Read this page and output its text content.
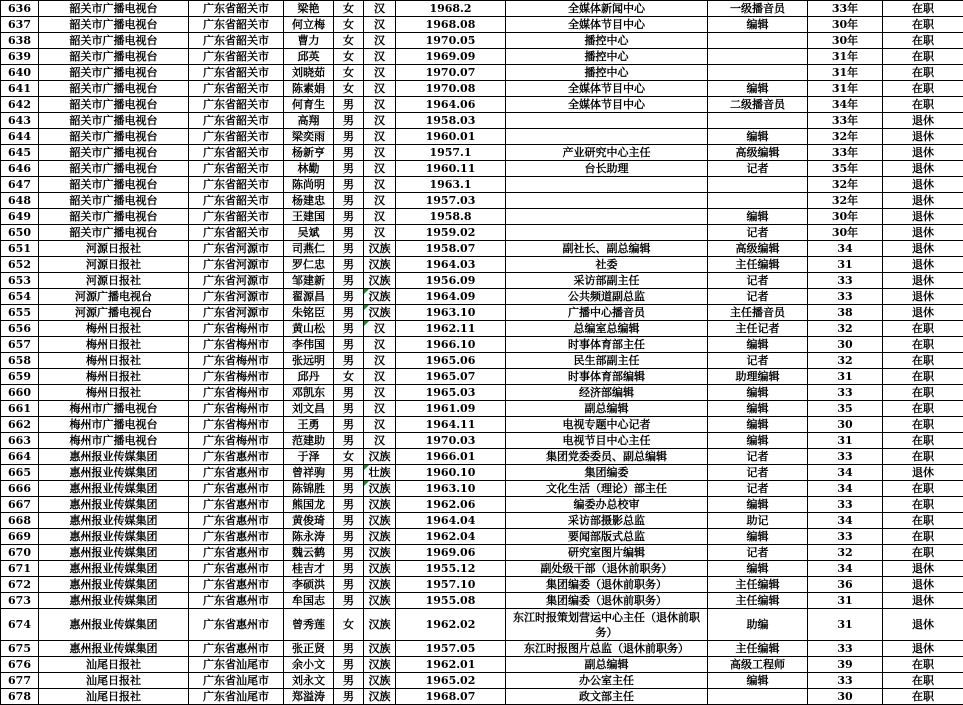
636	韶关市广播电视台	广东省韶关市	梁艳	女	汉	1968.2	全媒体新闻中心	一级播音员	33年	在职
637	韶关市广播电视台	广东省韶关市	何立梅	女	汉	1968.08	全媒体节目中心	编辑	30年	在职
638	韶关市广播电视台	广东省韶关市	曹力	女	汉	1970.05	播控中心		30年	在职
639	韶关市广播电视台	广东省韶关市	邱英	女	汉	1969.09	播控中心		31年	在职
640	韶关市广播电视台	广东省韶关市	刘晓茹	女	汉	1970.07	播控中心		31年	在职
641	韶关市广播电视台	广东省韶关市	陈素娟	女	汉	1970.08	全媒体节目中心	编辑	31年	在职
642	韶关市广播电视台	广东省韶关市	何育生	男	汉	1964.06	全媒体节目中心	二级播音员	34年	在职
643	韶关市广播电视台	广东省韶关市	高翔	男	汉	1958.03			33年	退休
644	韶关市广播电视台	广东省韶关市	梁奕雨	男	汉	1960.01		编辑	32年	退休
645	韶关市广播电视台	广东省韶关市	杨新亨	男	汉	1957.1	产业研究中心主任	高级编辑	33年	退休
646	韶关市广播电视台	广东省韶关市	林勤	男	汉	1960.11	台长助理	记者	35年	退休
647	韶关市广播电视台	广东省韶关市	陈尚明	男	汉	1963.1			32年	退休
648	韶关市广播电视台	广东省韶关市	杨建忠	男	汉	1957.03			32年	退休
649	韶关市广播电视台	广东省韶关市	王建国	男	汉	1958.8		编辑	30年	退休
650	韶关市广播电视台	广东省韶关市	吴斌	男	汉	1959.02		记者	30年	退休
651	河源日报社	广东省河源市	司燕仁	男	汉族	1958.07	副社长、副总编辑	高级编辑	34	退休
652	河源日报社	广东省河源市	罗仁忠	男	汉族	1964.03	社委	主任编辑	31	退休
653	河源日报社	广东省河源市	邹建新	男	汉族	1956.09	采访部副主任	记者	33	退休
654	河源广播电视台	广东省河源市	翟源昌	男	汉族	1964.09	公共频道副总监	记者	33	退休
655	河源广播电视台	广东省河源市	朱铭臣	男	汉族	1963.10	广播中心播音员	主任播音员	38	退休
656	梅州日报社	广东省梅州市	黄山松	男	汉	1962.11	总编室总编辑	主任记者	32	在职
657	梅州日报社	广东省梅州市	李伟国	男	汉	1966.10	时事体育部主任	编辑	30	在职
658	梅州日报社	广东省梅州市	张远明	男	汉	1965.06	民生部副主任	记者	32	在职
659	梅州日报社	广东省梅州市	邱丹	女	汉	1965.07	时事体育部编辑	助理编辑	31	在职
660	梅州日报社	广东省梅州市	邓凯东	男	汉	1965.03	经济部编辑	编辑	33	在职
661	梅州市广播电视台	广东省梅州市	刘文昌	男	汉	1961.09	副总编辑	编辑	35	在职
662	梅州市广播电视台	广东省梅州市	王勇	男	汉	1964.11	电视专题中心记者	编辑	30	在职
663	梅州市广播电视台	广东省梅州市	范建助	男	汉	1970.03	电视节目中心主任	编辑	31	在职
664	惠州报业传媒集团	广东省惠州市	于泽	女	汉族	1966.01	集团党委委员、副总编辑	记者	33	在职
665	惠州报业传媒集团	广东省惠州市	曾祥驹	男	壮族	1960.10	集团编委	记者	34	退休
666	惠州报业传媒集团	广东省惠州市	陈锦胜	男	汉族	1963.10	文化生活（理论）部主任	记者	34	在职
667	惠州报业传媒集团	广东省惠州市	熊国龙	男	汉族	1962.06	编委办总校审	编辑	33	在职
668	惠州报业传媒集团	广东省惠州市	黄俊琦	男	汉族	1964.04	采访部摄影总监	助记	34	在职
669	惠州报业传媒集团	广东省惠州市	陈永涛	男	汉族	1962.04	要闻部版式总监	编辑	33	在职
670	惠州报业传媒集团	广东省惠州市	魏云鹤	男	汉族	1969.06	研究室图片编辑	记者	32	在职
671	惠州报业传媒集团	广东省惠州市	桂吉才	男	汉族	1955.12	副处级干部（退休前职务）	编辑	34	退休
672	惠州报业传媒集团	广东省惠州市	李硕洪	男	汉族	1957.10	集团编委（退休前职务）	主任编辑	36	退休
673	惠州报业传媒集团	广东省惠州市	牟国志	男	汉族	1955.08	集团编委（退休前职务）	主任编辑	31	退休
674	惠州报业传媒集团	广东省惠州市	曾秀莲	女	汉族	1962.02	东江时报策划营运中心主任（退休前职务）	助编	31	退休
675	惠州报业传媒集团	广东省惠州市	张正贤	男	汉族	1957.05	东江时报图片总监（退休前职务）	主任编辑	33	退休
676	汕尾日报社	广东省汕尾市	余小文	男	汉族	1962.01	副总编辑	高级工程师	39	在职
677	汕尾日报社	广东省汕尾市	刘永文	男	汉族	1965.02	办公室主任	编辑	33	在职
678	汕尾日报社	广东省汕尾市	郑溢涛	男	汉族	1968.07	政文部主任		30	在职
